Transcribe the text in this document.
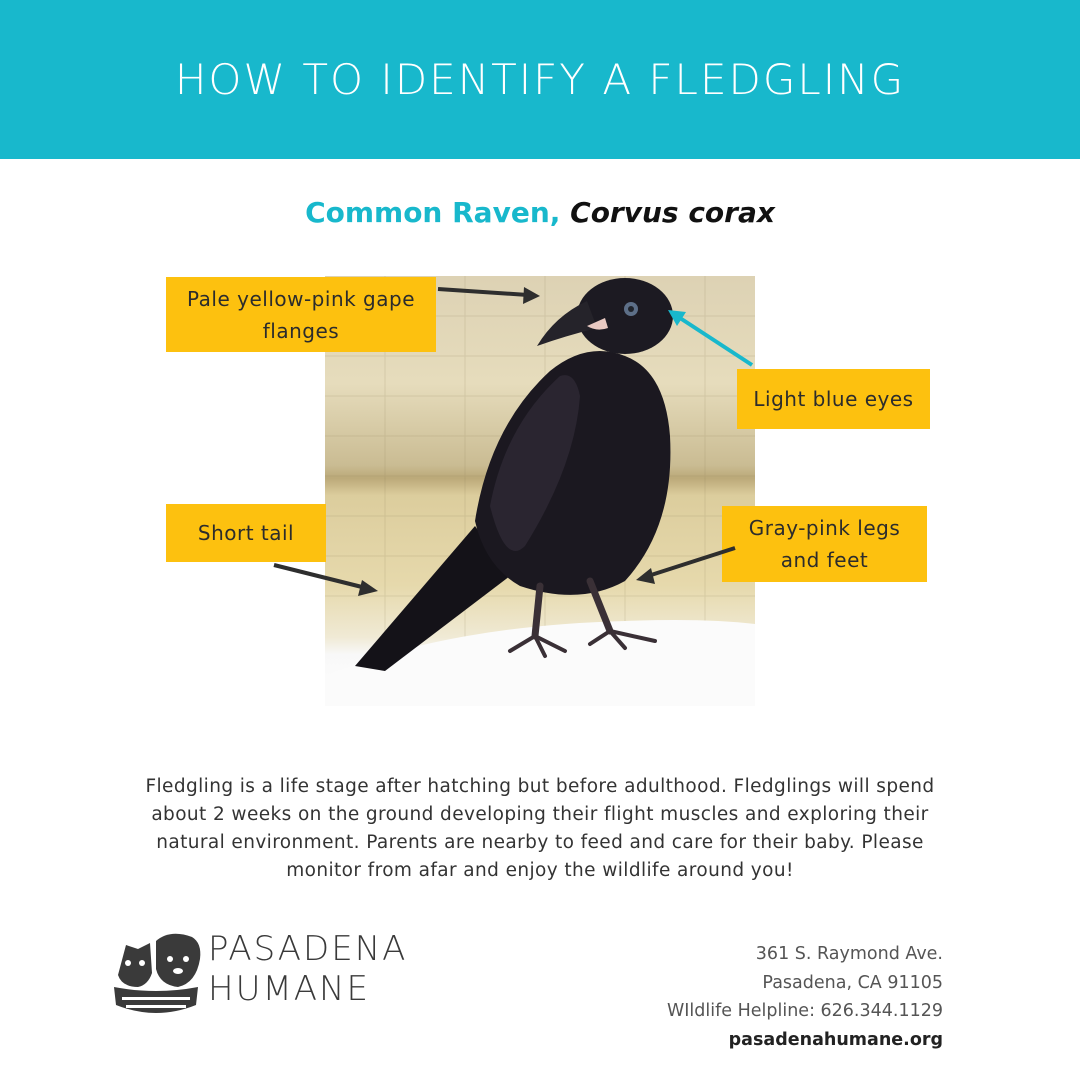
HOW TO IDENTIFY A FLEDGLING
Common Raven, Corvus corax
Pale yellow-pink gape flanges
Light blue eyes
Short tail	Gray-pink legs and feet
Fledgling is a life stage after hatching but before adulthood. Fledglings will spend about 2 weeks on the ground developing their flight muscles and exploring their natural environment. Parents are nearby to feed and care for their baby. Please monitor from afar and enjoy the wildlife around you!
PASADENA
HUMANE
361 S. Raymond Ave.
Pasadena, CA 91105
WIldlife Helpline: 626.344.1129
pasadenahumane.org
